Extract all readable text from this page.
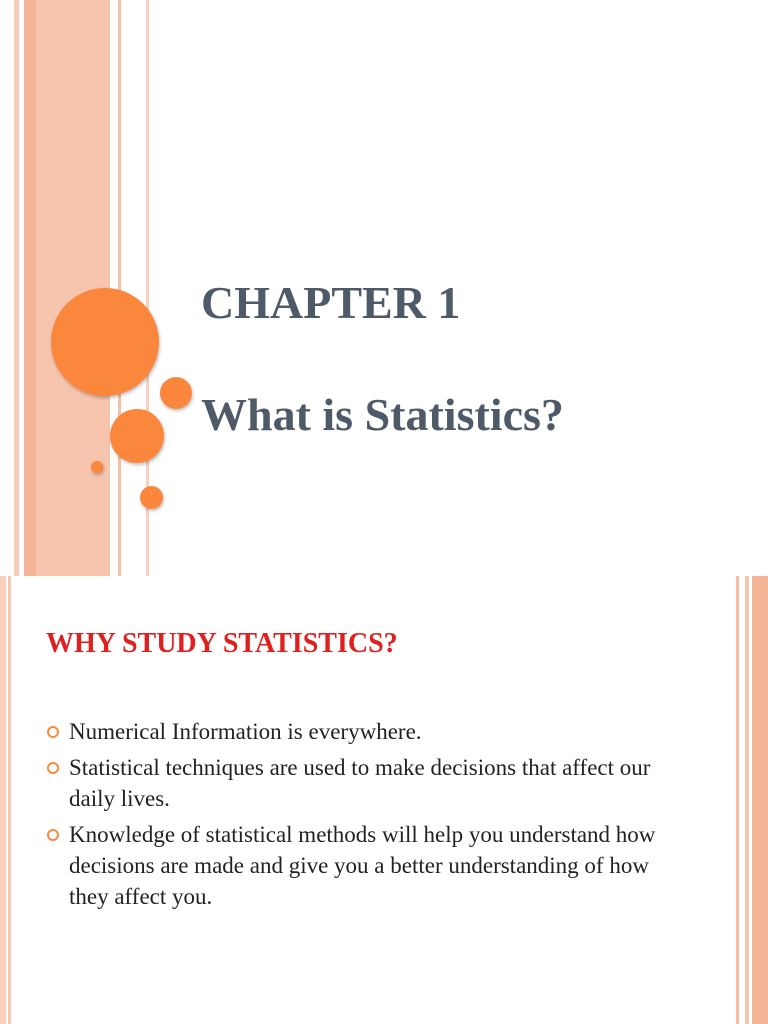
CHAPTER 1
What is Statistics?
WHY STUDY STATISTICS?
Numerical Information is everywhere.
Statistical techniques are used to make decisions that affect our daily lives.
Knowledge of statistical methods will help you understand how decisions are made and give you a better understanding of how they affect you.
